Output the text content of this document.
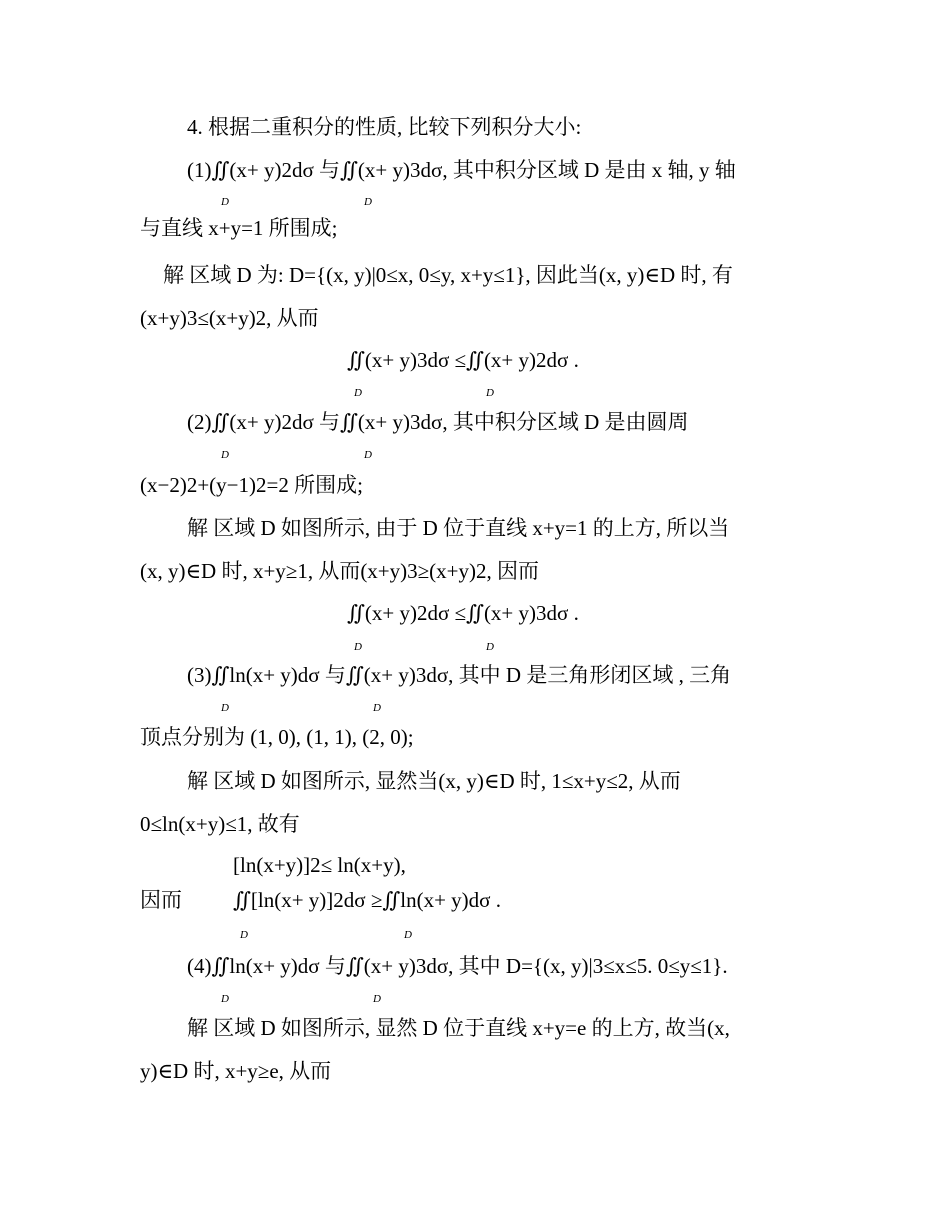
4. 根据二重积分的性质, 比较下列积分大小:
(1)∬(x+ y)2dσ 与∬(x+ y)3dσ, 其中积分区域 D 是由 x 轴, y 轴
D	D
与直线 x+y=1 所围成;
解 区域 D 为: D={(x, y)|0≤x, 0≤y, x+y≤1}, 因此当(x, y)∈D 时, 有
(x+y)3≤(x+y)2, 从而
∬(x+ y)3dσ ≤∬(x+ y)2dσ .
D	D
(2)∬(x+ y)2dσ 与∬(x+ y)3dσ, 其中积分区域 D 是由圆周
D	D
(x−2)2+(y−1)2=2 所围成;
解 区域 D 如图所示, 由于 D 位于直线 x+y=1 的上方, 所以当
(x, y)∈D 时, x+y≥1, 从而(x+y)3≥(x+y)2, 因而
∬(x+ y)2dσ ≤∬(x+ y)3dσ .
D	D
(3)∬ln(x+ y)dσ 与∬(x+ y)3dσ, 其中 D 是三角形闭区域 , 三角
D	D
顶点分别为 (1, 0), (1, 1), (2, 0);
解 区域 D 如图所示, 显然当(x, y)∈D 时, 1≤x+y≤2, 从而
0≤ln(x+y)≤1, 故有
[ln(x+y)]2≤ ln(x+y),
因而 ∬[ln(x+ y)]2dσ ≥∬ln(x+ y)dσ .
D	D
(4)∬ln(x+ y)dσ 与∬(x+ y)3dσ, 其中 D={(x, y)|3≤x≤5. 0≤y≤1}.
D	D
解 区域 D 如图所示, 显然 D 位于直线 x+y=e 的上方, 故当(x,
y)∈D 时, x+y≥e, 从而
